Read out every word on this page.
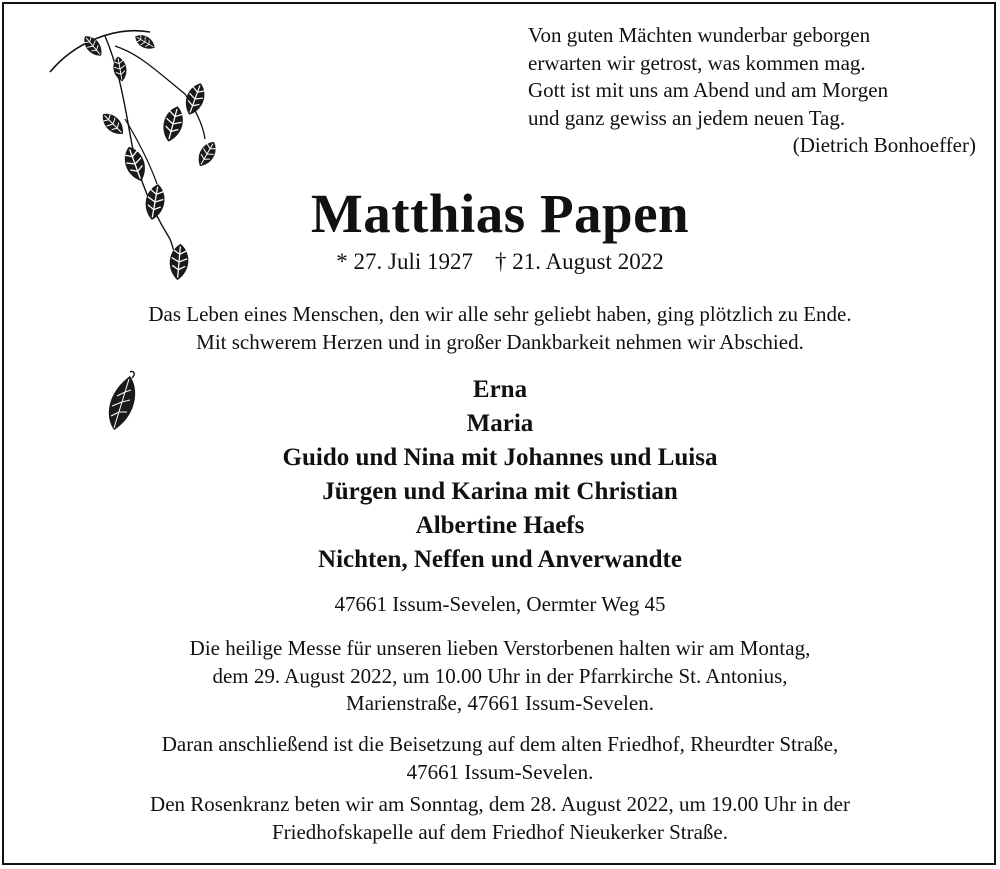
Von guten Mächten wunderbar geborgen
erwarten wir getrost, was kommen mag.
Gott ist mit uns am Abend und am Morgen
und ganz gewiss an jedem neuen Tag.
(Dietrich Bonhoeffer)
Matthias Papen
* 27. Juli 1927 † 21. August 2022
Das Leben eines Menschen, den wir alle sehr geliebt haben, ging plötzlich zu Ende.
Mit schwerem Herzen und in großer Dankbarkeit nehmen wir Abschied.
Erna
Maria
Guido und Nina mit Johannes und Luisa
Jürgen und Karina mit Christian
Albertine Haefs
Nichten, Neffen und Anverwandte
47661 Issum-Sevelen, Oermter Weg 45
Die heilige Messe für unseren lieben Verstorbenen halten wir am Montag,
dem 29. August 2022, um 10.00 Uhr in der Pfarrkirche St. Antonius,
Marienstraße, 47661 Issum-Sevelen.
Daran anschließend ist die Beisetzung auf dem alten Friedhof, Rheurdter Straße,
47661 Issum-Sevelen.
Den Rosenkranz beten wir am Sonntag, dem 28. August 2022, um 19.00 Uhr in der
Friedhofskapelle auf dem Friedhof Nieukerker Straße.
